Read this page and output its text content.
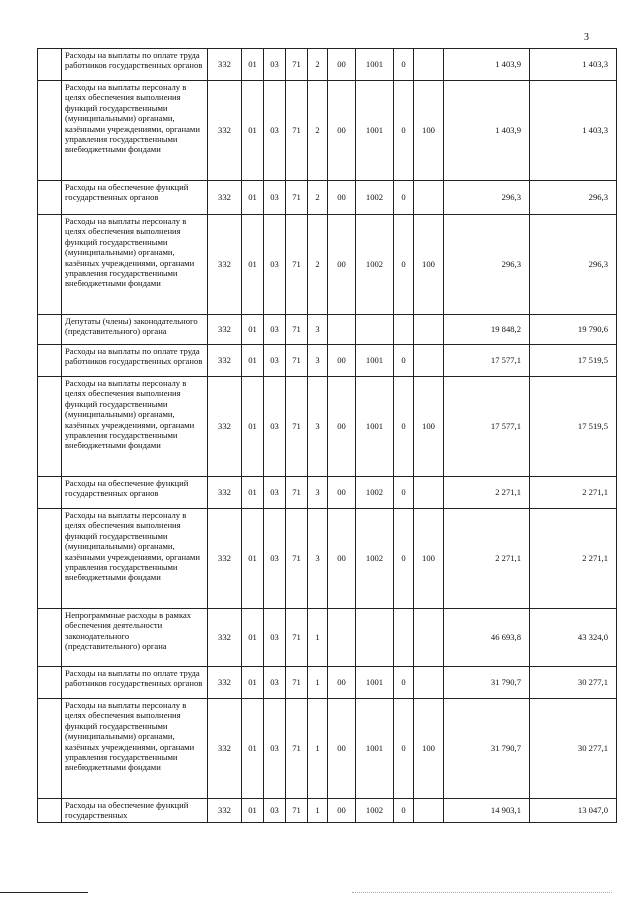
3
	Расходы на выплаты по оплате труда работников государственных органов	332	01	03	71	2	00	1001	0		1 403,9	1 403,3
	Расходы на выплаты персоналу в целях обеспечения выполнения функций государственными (муниципальными) органами, казёнными учреждениями, органами управления государственными внебюджетными фондами	332	01	03	71	2	00	1001	0	100	1 403,9	1 403,3
	Расходы на обеспечение функций государственных органов	332	01	03	71	2	00	1002	0		296,3	296,3
	Расходы на выплаты персоналу в целях обеспечения выполнения функций государственными (муниципальными) органами, казённых учреждениями, органами управления государственными внебюджетными фондами	332	01	03	71	2	00	1002	0	100	296,3	296,3
	Депутаты (члены) законодательного (представительного) органа	332	01	03	71	3					19 848,2	19 790,6
	Расходы на выплаты по оплате труда работников государственных органов	332	01	03	71	3	00	1001	0		17 577,1	17 519,5
	Расходы на выплаты персоналу в целях обеспечения выполнения функций государственными (муниципальными) органами, казённых учреждениями, органами управления государственными внебюджетными фондами	332	01	03	71	3	00	1001	0	100	17 577,1	17 519,5
	Расходы на обеспечение функций государственных органов	332	01	03	71	3	00	1002	0		2 271,1	2 271,1
	Расходы на выплаты персоналу в целях обеспечения выполнения функций государственными (муниципальными) органами, казёнными учреждениями, органами управления государственными внебюджетными фондами	332	01	03	71	3	00	1002	0	100	2 271,1	2 271,1
	Непрограммные расходы в рамках обеспечения деятельности законодательного (представительного) органа	332	01	03	71	1					46 693,8	43 324,0
	Расходы на выплаты по оплате труда работников государственных органов	332	01	03	71	1	00	1001	0		31 790,7	30 277,1
	Расходы на выплаты персоналу в целях обеспечения выполнения функций государственными (муниципальными) органами, казённых учреждениями, органами управления государственными внебюджетными фондами	332	01	03	71	1	00	1001	0	100	31 790,7	30 277,1
	Расходы на обеспечение функций государственных	332	01	03	71	1	00	1002	0		14 903,1	13 047,0
